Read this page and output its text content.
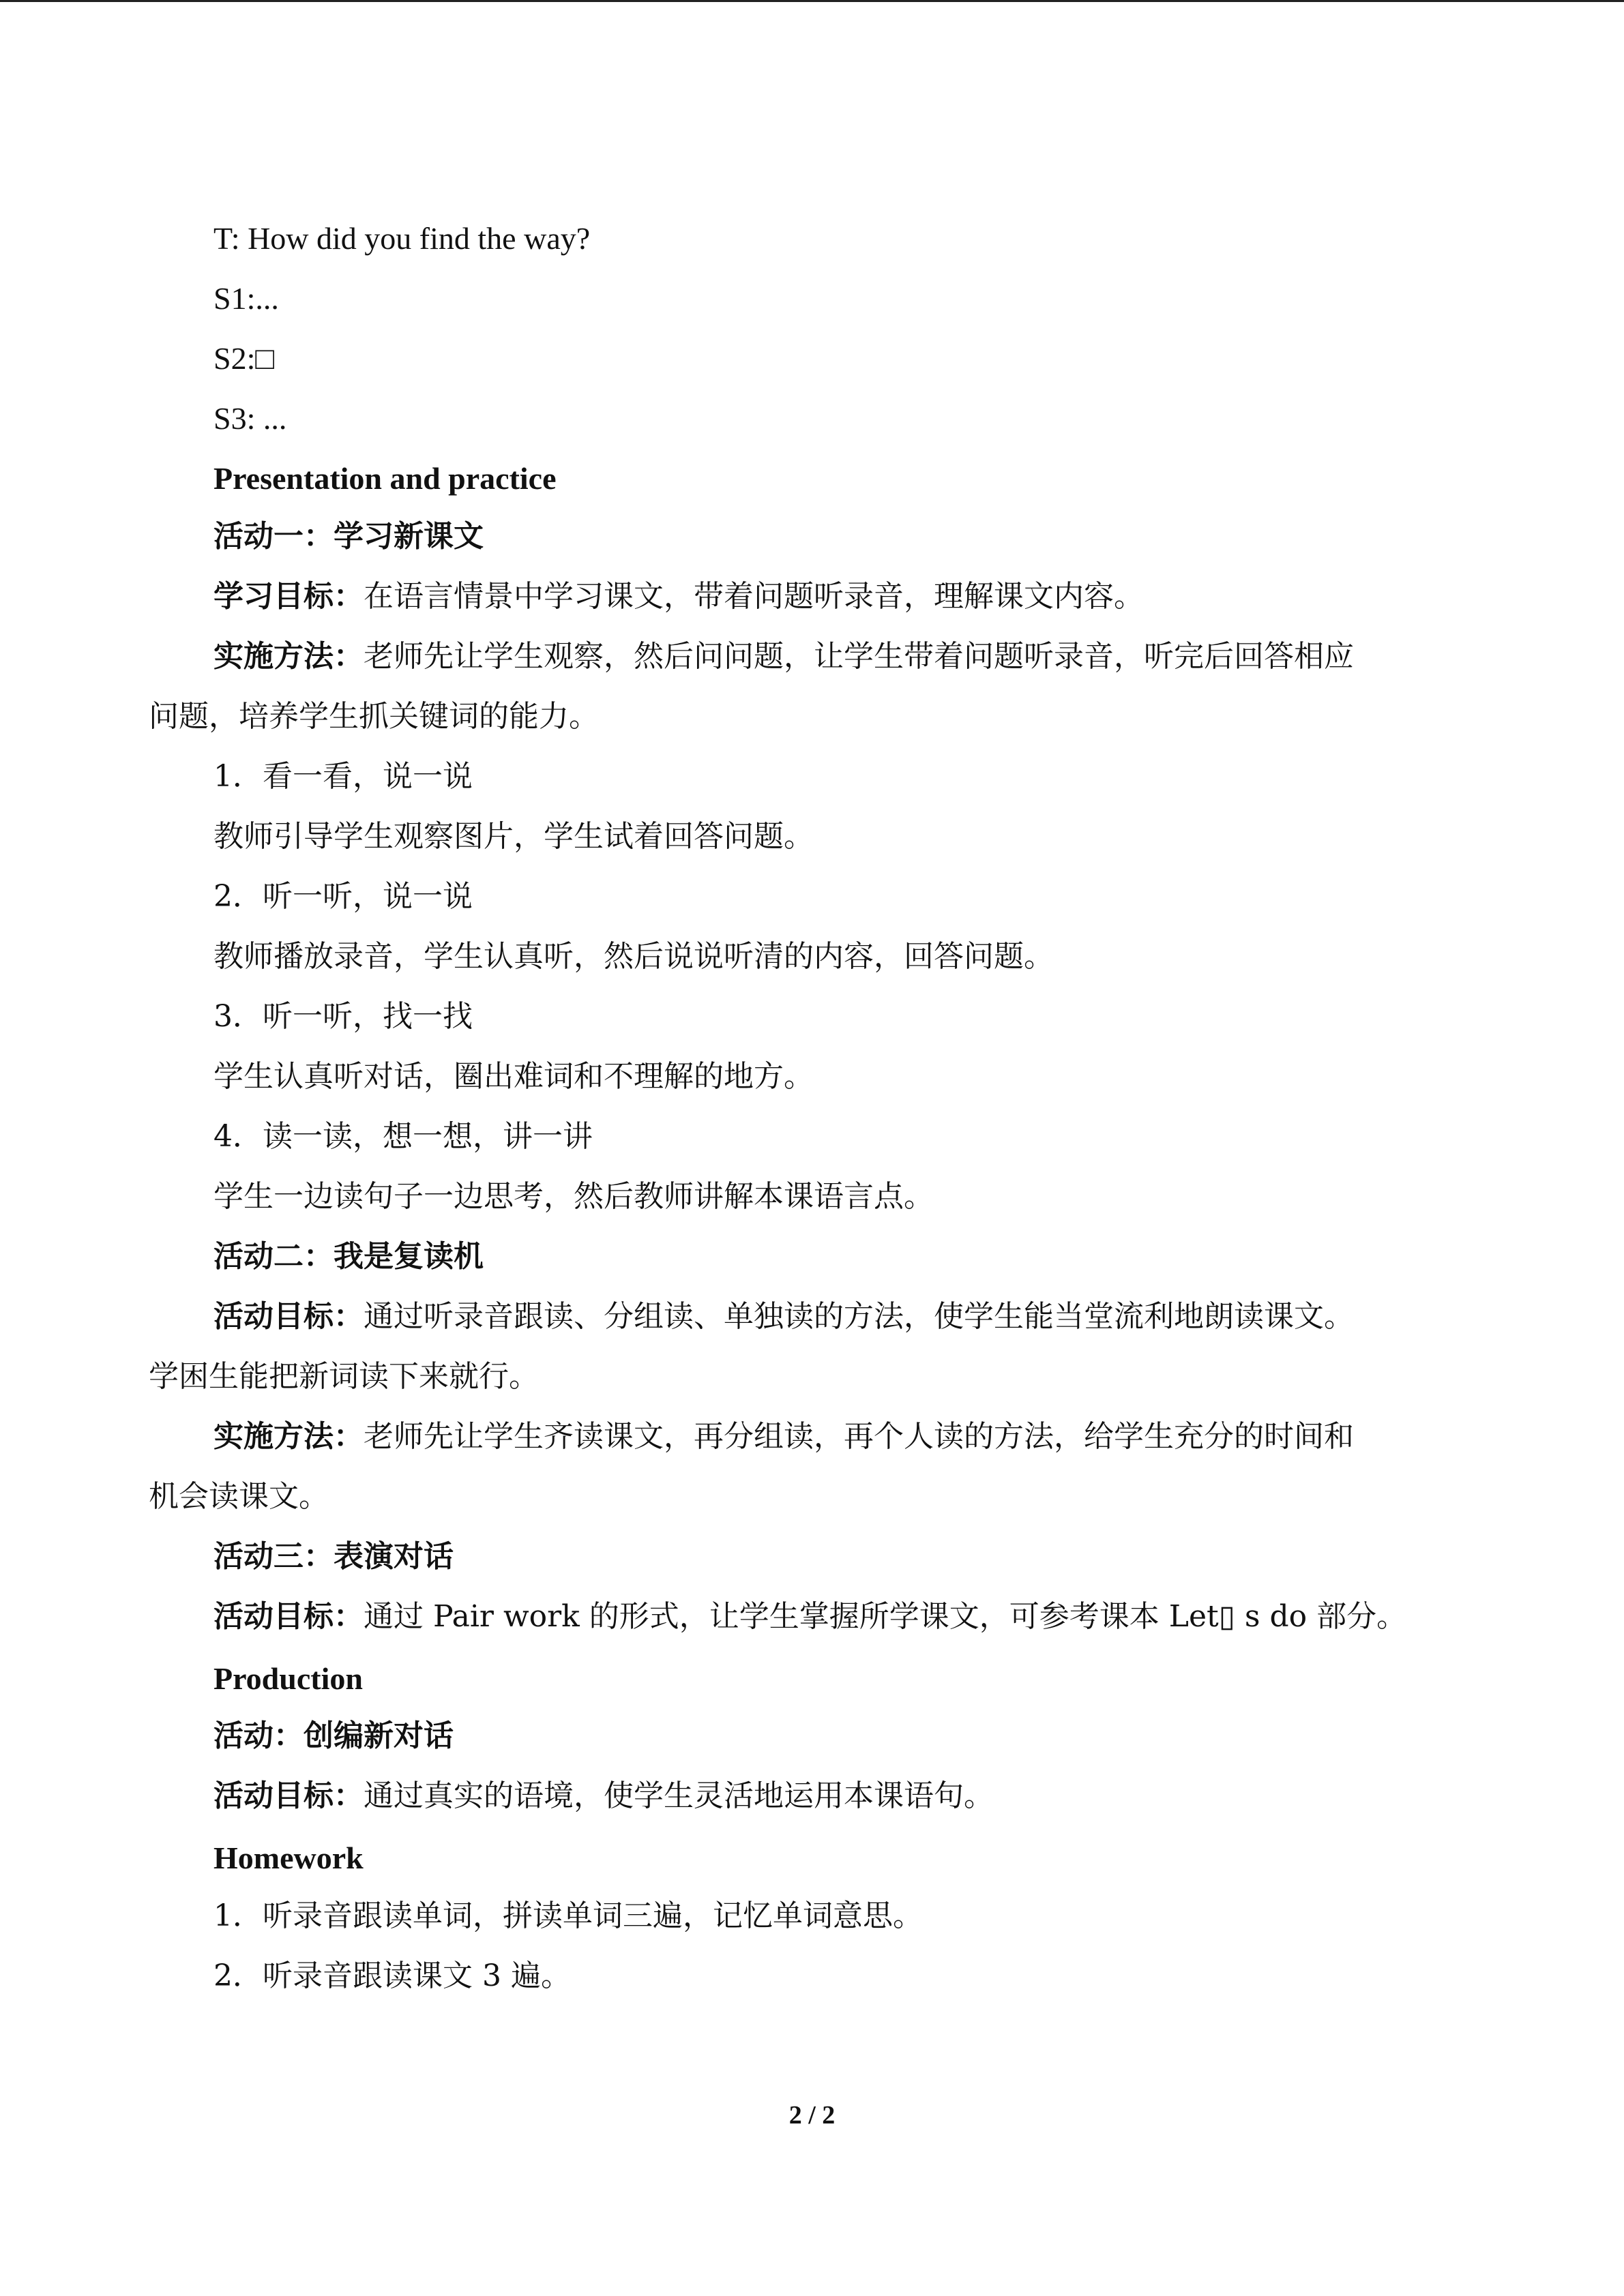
T: How did you find the way?
S1:...
S2:□
S3: ...
Presentation and practice
活动一：学习新课文
学习目标：在语言情景中学习课文，带着问题听录音，理解课文内容。
实施方法：老师先让学生观察，然后问问题，让学生带着问题听录音，听完后回答相应
问题，培养学生抓关键词的能力。
1．看一看，说一说
教师引导学生观察图片，学生试着回答问题。
2．听一听，说一说
教师播放录音，学生认真听，然后说说听清的内容，回答问题。
3．听一听，找一找
学生认真听对话，圈出难词和不理解的地方。
4．读一读，想一想，讲一讲
学生一边读句子一边思考，然后教师讲解本课语言点。
活动二：我是复读机
活动目标：通过听录音跟读、分组读、单独读的方法，使学生能当堂流利地朗读课文。
学困生能把新词读下来就行。
实施方法：老师先让学生齐读课文，再分组读，再个人读的方法，给学生充分的时间和
机会读课文。
活动三：表演对话
活动目标：通过 Pair work 的形式，让学生掌握所学课文，可参考课本 Let▯ s do 部分。
Production
活动：创编新对话
活动目标：通过真实的语境，使学生灵活地运用本课语句。
Homework
1．听录音跟读单词，拼读单词三遍，记忆单词意思。
2．听录音跟读课文 3 遍。
2 / 2
